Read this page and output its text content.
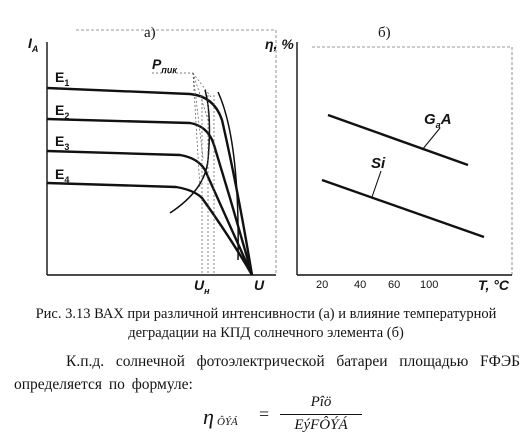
а)
$I_А$
$P_{пик}$
$E_1$
$E_2$
$E_3$
$E_4$
$U_н$	U
б)
η, %
$G_aA$
Si
20 40 60 100	T, °C
Рис. 3.13 ВАХ при различной интенсивности (а) и влияние температурной
деградации на КПД солнечного элемента (б)
К.п.д. солнечной фотоэлектрической батареи площадью FФЭБ определяется по формуле:
η ÔÝÁ =
Pîö
EýFÔÝÁ
